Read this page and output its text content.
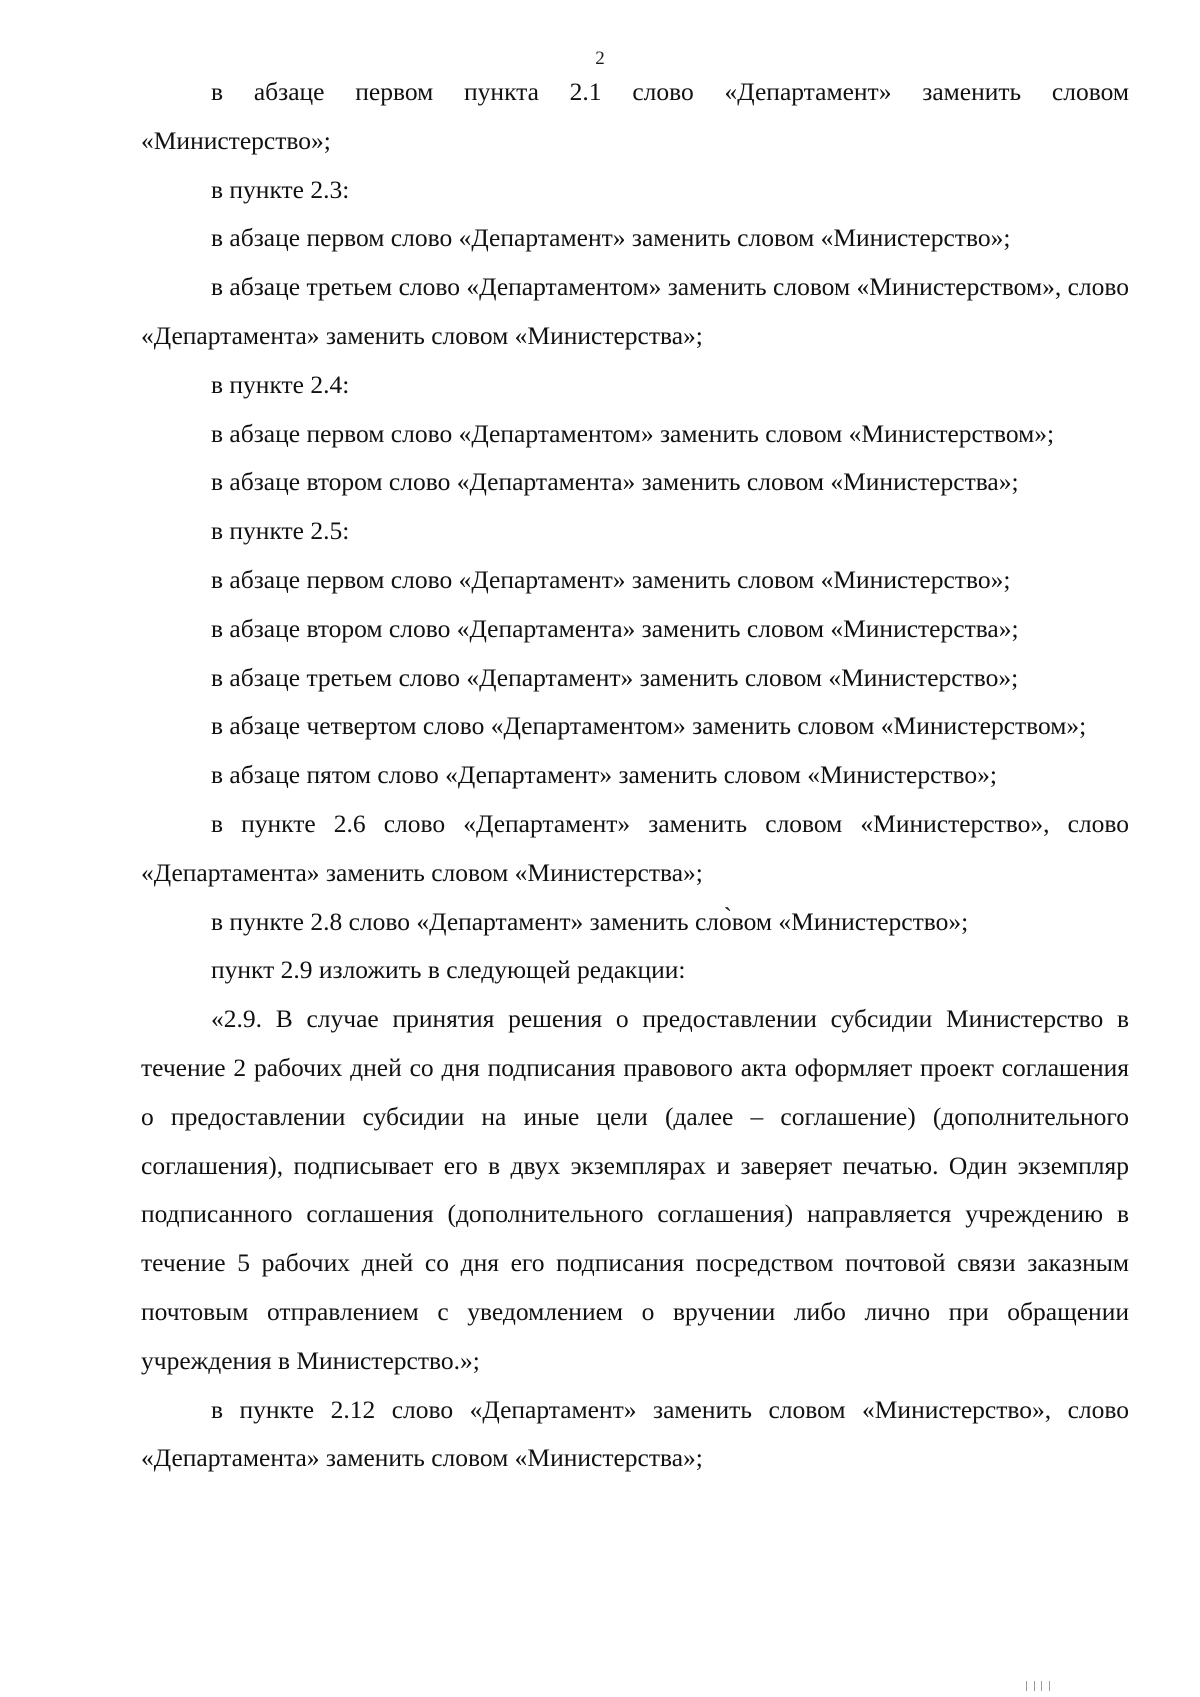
2

в абзаце первом пункта 2.1 слово «Департамент» заменить словом «Министерство»;

в пункте 2.3:

в абзаце первом слово «Департамент» заменить словом «Министерство»;

в абзаце третьем слово «Департаментом» заменить словом «Министерством», слово «Департамента» заменить словом «Министерства»;

в пункте 2.4:

в абзаце первом слово «Департаментом» заменить словом «Министерством»;

в абзаце втором слово «Департамента» заменить словом «Министерства»;

в пункте 2.5:

в абзаце первом слово «Департамент» заменить словом «Министерство»;

в абзаце втором слово «Департамента» заменить словом «Министерства»;

в абзаце третьем слово «Департамент» заменить словом «Министерство»;

в абзаце четвертом слово «Департаментом» заменить словом «Министерством»;

в абзаце пятом слово «Департамент» заменить словом «Министерство»;

в пункте 2.6 слово «Департамент» заменить словом «Министерство», слово «Департамента» заменить словом «Министерства»;

в пункте 2.8 слово «Департамент» заменить сло̀вом «Министерство»;

пункт 2.9 изложить в следующей редакции:

«2.9. В случае принятия решения о предоставлении субсидии Министерство в течение 2 рабочих дней со дня подписания правового акта оформляет проект соглашения о предоставлении субсидии на иные цели (далее – соглашение) (дополнительного соглашения), подписывает его в двух экземплярах и заверяет печатью. Один экземпляр подписанного соглашения (дополнительного соглашения) направляется учреждению в течение 5 рабочих дней со дня его подписания посредством почтовой связи заказным почтовым отправлением с уведомлением о вручении либо лично при обращении учреждения в Министерство.»;

в пункте 2.12 слово «Департамент» заменить словом «Министерство», слово «Департамента» заменить словом «Министерства»;
